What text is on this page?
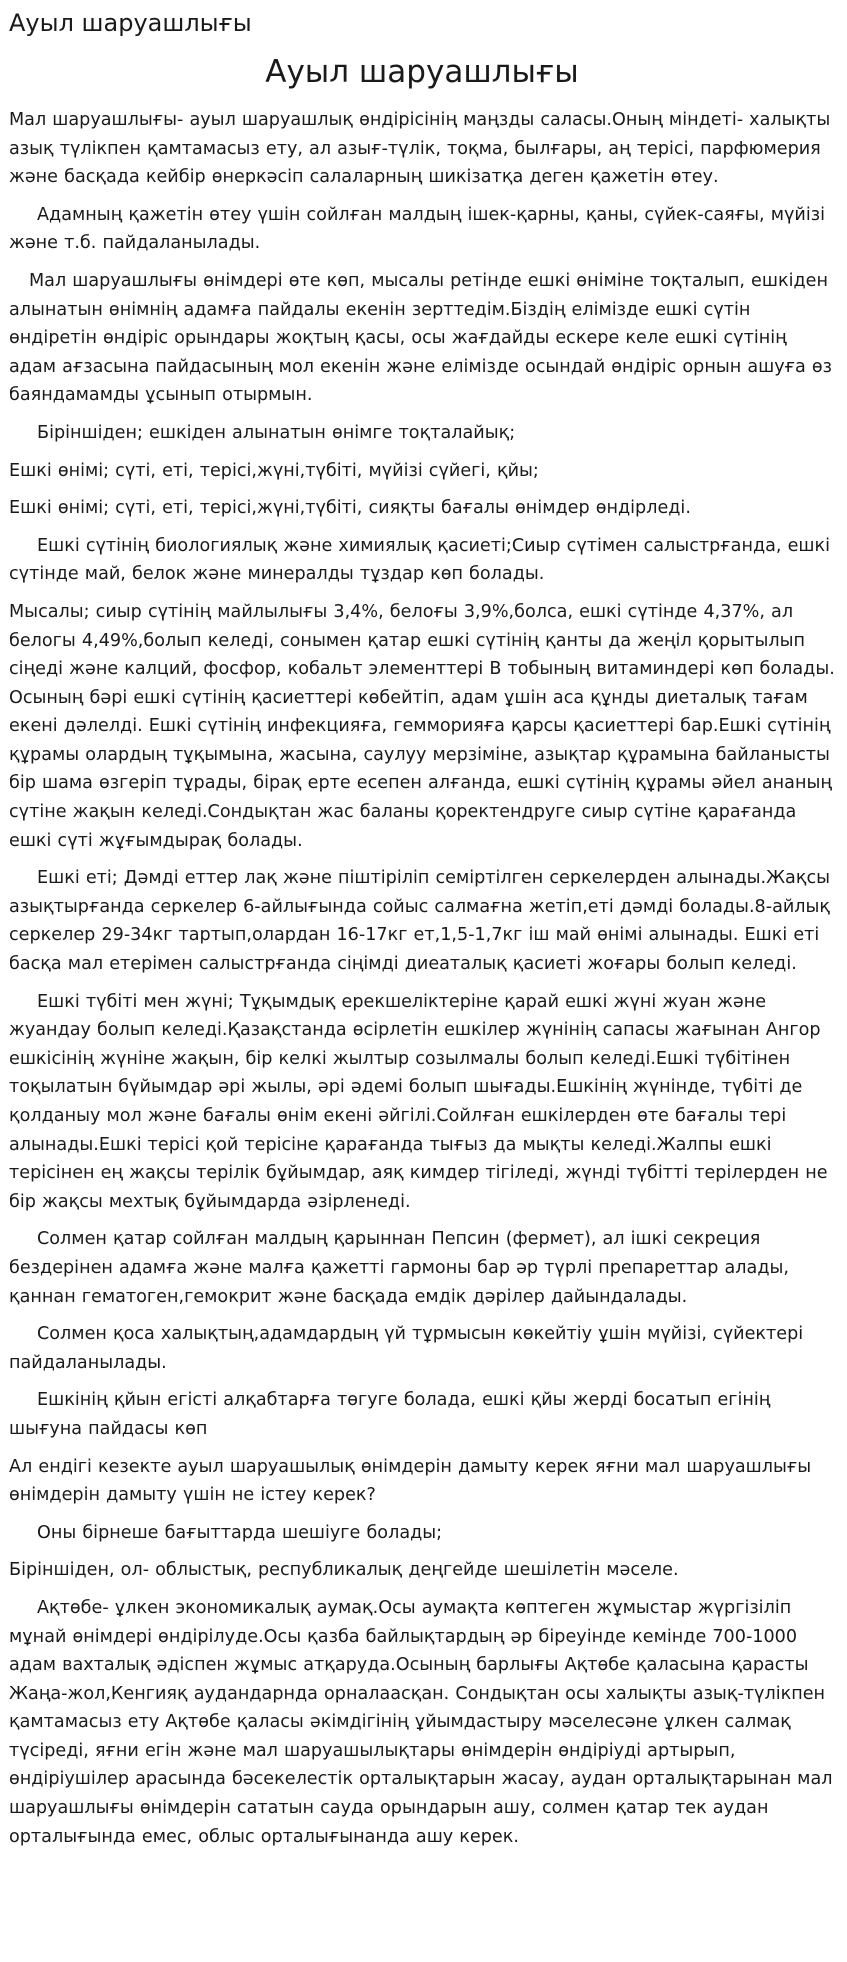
Ауыл шаруашлығы
Ауыл шаруашлығы

Мал шаруашлығы- ауыл шаруашлық өндірісінің маңзды саласы.Оның міндеті- халықты азық түлікпен қамтамасыз ету, ал азығ-түлік, тоқма, былғары, аң терісі, парфюмерия және басқада кейбір өнеркәсіп салаларның шикізатқа деген қажетін өтеу.

Адамның қажетін өтеу үшін сойлған малдың ішек-қарны, қаны, сүйек-саяғы, мүйізі және т.б. пайдаланылады.

Мал шаруашлығы өнімдері өте көп, мысалы ретінде ешкі өніміне тоқталып, ешкіден алынатын өнімнің адамға пайдалы екенін зерттедім.Біздің елімізде ешкі сүтін өндіретін өндіріс орындары жоқтың қасы, осы жағдайды ескере келе ешкі сүтінің адам ағзасына пайдасының мол екенін және елімізде осындай өндіріс орнын ашуға өз баяндамамды ұсынып отырмын.

Біріншіден; ешкіден алынатын өнімге тоқталайық;

Ешкі өнімі; сүті, еті, терісі,жүні,түбіті, мүйізі сүйегі, қйы;

Ешкі өнімі; сүті, еті, терісі,жүні,түбіті, сияқты бағалы өнімдер өндірледі.

Ешкі сүтінің биологиялық және химиялық қасиеті;Сиыр сүтімен салыстрғанда, ешкі сүтінде май, белок және минералды тұздар көп болады.

Мысалы; сиыр сүтінің майлылығы 3,4%, белоғы 3,9%,болса, ешкі сүтінде 4,37%, ал белогы 4,49%,болып келеді, сонымен қатар ешкі сүтінің қанты да жеңіл қорытылып сіңеді және калций, фосфор, кобальт элементтері В тобының витаминдері көп болады. Осының бәрі ешкі сүтінің қасиеттері көбейтіп, адам ұшін аса құнды диеталық тағам екені дәлелді. Ешкі сүтінің инфекцияға, гемморияға қарсы қасиеттері бар.Ешкі сүтінің құрамы олардың тұқымына, жасына, саулуу мерзіміне, азықтар құрамына байланысты бір шама өзгеріп тұрады, бірақ ерте есепен алғанда, ешкі сүтінің құрамы әйел ананың сүтіне жақын келеді.Сондықтан жас баланы қоректендруге сиыр сүтіне қарағанда ешкі сүті жұғымдырақ болады.

Ешкі еті; Дәмді еттер лақ және піштіріліп семіртілген серкелерден алынады.Жақсы азықтырғанда серкелер 6-айлығында сойыс салмағна жетіп,еті дәмді болады.8-айлық серкелер 29-34кг тартып,олардан 16-17кг ет,1,5-1,7кг іш май өнімі алынады. Ешкі еті басқа мал етерімен салыстрғанда сіңімді диеаталық қасиеті жоғары болып келеді.

Ешкі түбіті мен жүні; Тұқымдық ерекшеліктеріне қарай ешкі жүні жуан және жуандау болып келеді.Қазақстанда өсірлетін ешкілер жүнінің сапасы жағынан Ангор ешкісінің жүніне жақын, бір келкі жылтыр созылмалы болып келеді.Ешкі түбітінен тоқылатын бүйымдар әрі жылы, әрі әдемі болып шығады.Ешкінің жүнінде, түбіті де қолданыу мол және бағалы өнім екені әйгілі.Сойлған ешкілерден өте бағалы тері алынады.Ешкі терісі қой терісіне қарағанда тығыз да мықты келеді.Жалпы ешкі терісінен ең жақсы терілік бұйымдар, аяқ кимдер тігіледі, жүнді түбітті терілерден не бір жақсы мехтық бұйымдарда әзірленеді.

Солмен қатар сойлған малдың қарыннан Пепсин (фермет), ал ішкі секреция бездерінен адамға және малға қажетті гармоны бар әр түрлі препареттар алады, қаннан гематоген,гемокрит және басқада емдік дәрілер дайындалады.

Солмен қоса халықтың,адамдардың үй тұрмысын көкейтіу ұшін мүйізі, сүйектері пайдаланылады.

Ешкінің қйын егісті алқабтарға төгуге болада, ешкі қйы жерді босатып егінің шығуна пайдасы көп

Ал ендігі кезекте ауыл шаруашылық өнімдерін дамыту керек яғни мал шаруашлығы өнімдерін дамыту үшін не істеу керек?

Оны бірнеше бағыттарда шешіуге болады;

Біріншіден, ол- облыстық, республикалық деңгейде шешілетін мәселе.

Ақтөбе- ұлкен экономикалық аумақ.Осы аумақта көптеген жұмыстар жүргізіліп мұнай өнімдері өндірілуде.Осы қазба байлықтардың әр біреуінде кемінде 700-1000 адам вахталық әдіспен жұмыс атқаруда.Осының барлығы Ақтөбе қаласына қарасты Жаңа-жол,Кенгияқ аудандарнда орналаасқан. Сондықтан осы халықты азық-түлікпен қамтамасыз ету Ақтөбе қаласы әкімдігінің ұйымдастыру мәселесәне ұлкен салмақ түсіреді, яғни егін және мал шаруашылықтары өнімдерін өндіріуді артырып, өндіріушілер арасында бәсекелестік орталықтарын жасау, аудан орталықтарынан мал шаруашлығы өнімдерін сататын сауда орындарын ашу, солмен қатар тек аудан орталығында емес, облыс орталығынанда ашу керек.
